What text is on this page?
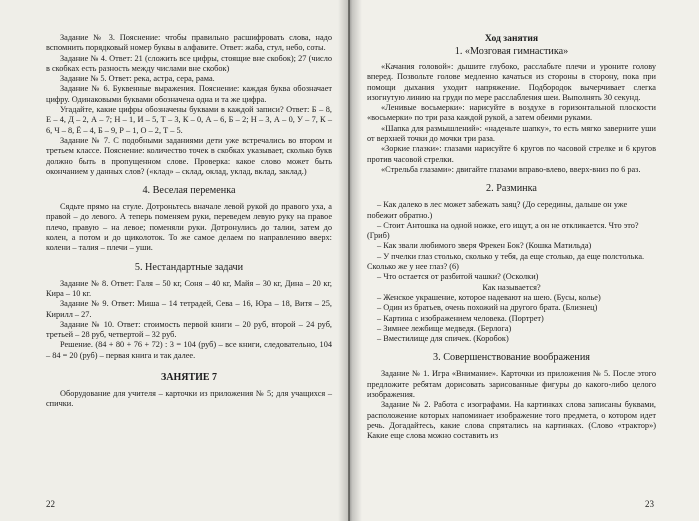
Задание № 3. Пояснение: чтобы правильно расшифровать слова, надо вспомнить порядковый номер буквы в алфавите. Ответ: жаба, стул, небо, соты.

Задание № 4. Ответ: 21 (сложить все цифры, стоящие вне скобок); 27 (число в скобках есть разность между числами вне скобок)

Задание № 5. Ответ: река, астра, сера, рама.

Задание № 6. Буквенные выражения. Пояснение: каждая буква обозначает цифру. Одинаковыми буквами обозначена одна и та же цифра.

Угадайте, какие цифры обозначены буквами в каждой записи? Ответ: Б – 8, Е – 4, Д – 2, А – 7; Н – 1, И – 5, Т – 3, К – 0, А – 6, Б – 2; Н – 3, А – 0, У – 7, К – 6, Ч – 8, Ё – 4, Б – 9, Р – 1, О – 2, Т – 5.

Задание № 7. С подобными заданиями дети уже встречались во втором и третьем классе. Пояснение: количество точек в скобках указывает, сколько букв должно быть в пропущенном слове. Проверка: какое слово может быть окончанием у данных слов? («клад» – склад, оклад, уклад, вклад, заклад.)

4. Веселая переменка

Сядьте прямо на стуле. Дотроньтесь вначале левой рукой до правого уха, а правой – до левого. А теперь поменяем руки, переведем левую руку на правое плечо, правую – на левое; поменяли руки. Дотронулись до талии, затем до колен, а потом и до щиколоток. То же самое делаем по направлению вверх: колени – талия – плечи – уши.

5. Нестандартные задачи

Задание № 8. Ответ: Галя – 50 кг, Соня – 40 кг, Майя – 30 кг, Дина – 20 кг, Кира – 10 кг.

Задание № 9. Ответ: Миша – 14 тетрадей, Сева – 16, Юра – 18, Витя – 25, Кирилл – 27.

Задание № 10. Ответ: стоимость первой книги – 20 руб, второй – 24 руб, третьей – 28 руб, четвертой – 32 руб.

Решение. (84 + 80 + 76 + 72) : 3 = 104 (руб) – все книги, следовательно, 104 – 84 = 20 (руб) – первая книга и так далее.

ЗАНЯТИЕ 7

Оборудование для учителя – карточки из приложения № 5; для учащихся – спички.

22
Ход занятия
1. «Мозговая гимнастика»

«Качания головой»: дышите глубоко, расслабьте плечи и уроните голову вперед. Позвольте голове медленно качаться из стороны в сторону, пока при помощи дыхания уходит напряжение. Подбородок вычерчивает слегка изогнутую линию на груди по мере расслабления шеи. Выполнять 30 секунд.

«Ленивые восьмерки»: нарисуйте в воздухе в горизонтальной плоскости «восьмерки» по три раза каждой рукой, а затем обеими руками.

«Шапка для размышлений»: «наденьте шапку», то есть мягко заверните уши от верхней точки до мочки три раза.

«Зоркие глазки»: глазами нарисуйте 6 кругов по часовой стрелке и 6 кругов против часовой стрелки.

«Стрельба глазами»: двигайте глазами вправо-влево, вверх-вниз по 6 раз.

2. Разминка

– Как далеко в лес может забежать заяц? (До середины, дальше он уже побежит обратно.)

– Стоит Антошка на одной ножке, его ищут, а он не откликается. Что это? (Гриб)

– Как звали любимого зверя Фрекен Бок? (Кошка Матильда)

– У пчелки глаз столько, сколько у тебя, да еще столько, да еще полстолька. Сколько же у нее глаз? (6)

– Что остается от разбитой чашки? (Осколки)

Как называется?

– Женское украшение, которое надевают на шею. (Бусы, колье)

– Один из братьев, очень похожий на другого брата. (Близнец)

– Картина с изображением человека. (Портрет)

– Зимнее лежбище медведя. (Берлога)

– Вместилище для спичек. (Коробок)

3. Совершенствование воображения

Задание № 1. Игра «Внимание». Карточки из приложения № 5. После этого предложите ребятам дорисовать зарисованные фигуры до какого-либо целого изображения.

Задание № 2. Работа с изографами. На картинках слова записаны буквами, расположение которых напоминает изображение того предмета, о котором идет речь. Догадайтесь, какие слова спрятались на картинках. (Слово «трактор») Какие еще слова можно составить из

23
